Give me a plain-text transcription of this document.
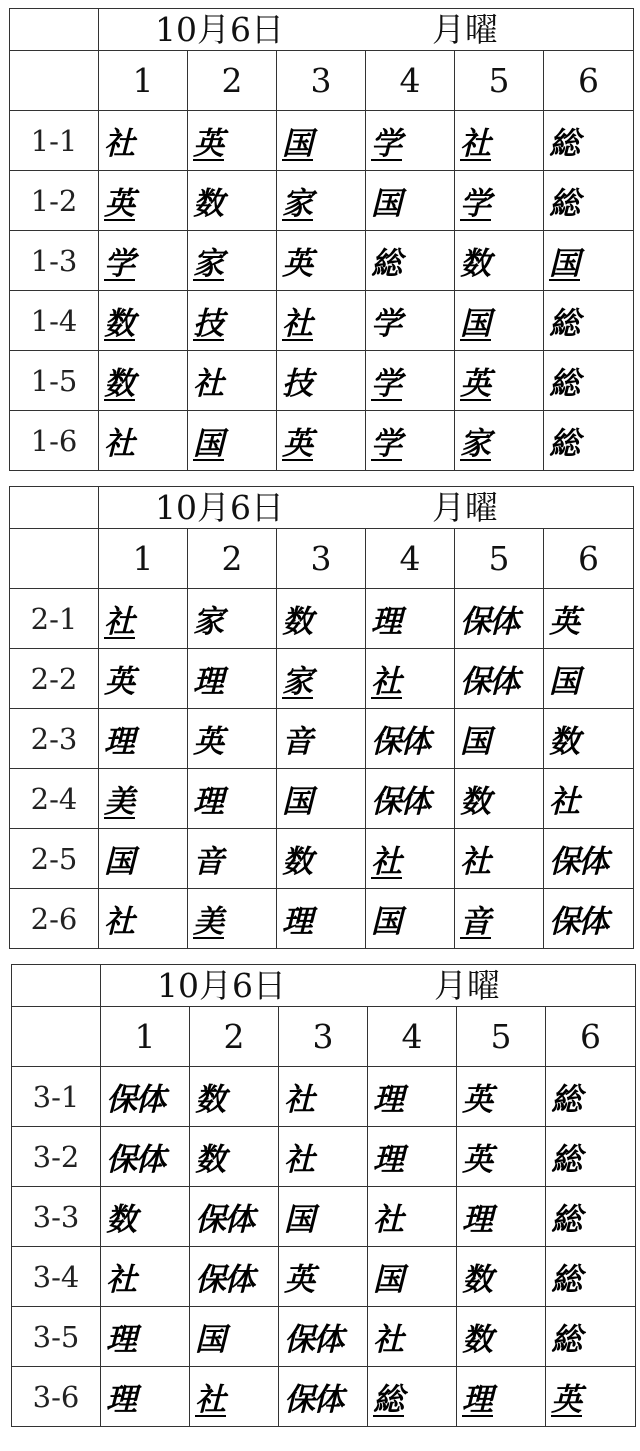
	10月6日 月曜					
	1	2	3	4	5	6
1-1	社	英	国	学	社	総
1-2	英	数	家	国	学	総
1-3	学	家	英	総	数	国
1-4	数	技	社	学	国	総
1-5	数	社	技	学	英	総
1-6	社	国	英	学	家	総
	10月6日 月曜					
	1	2	3	4	5	6
2-1	社	家	数	理	保体	英
2-2	英	理	家	社	保体	国
2-3	理	英	音	保体	国	数
2-4	美	理	国	保体	数	社
2-5	国	音	数	社	社	保体
2-6	社	美	理	国	音	保体
	10月6日 月曜					
	1	2	3	4	5	6
3-1	保体	数	社	理	英	総
3-2	保体	数	社	理	英	総
3-3	数	保体	国	社	理	総
3-4	社	保体	英	国	数	総
3-5	理	国	保体	社	数	総
3-6	理	社	保体	総	理	英
